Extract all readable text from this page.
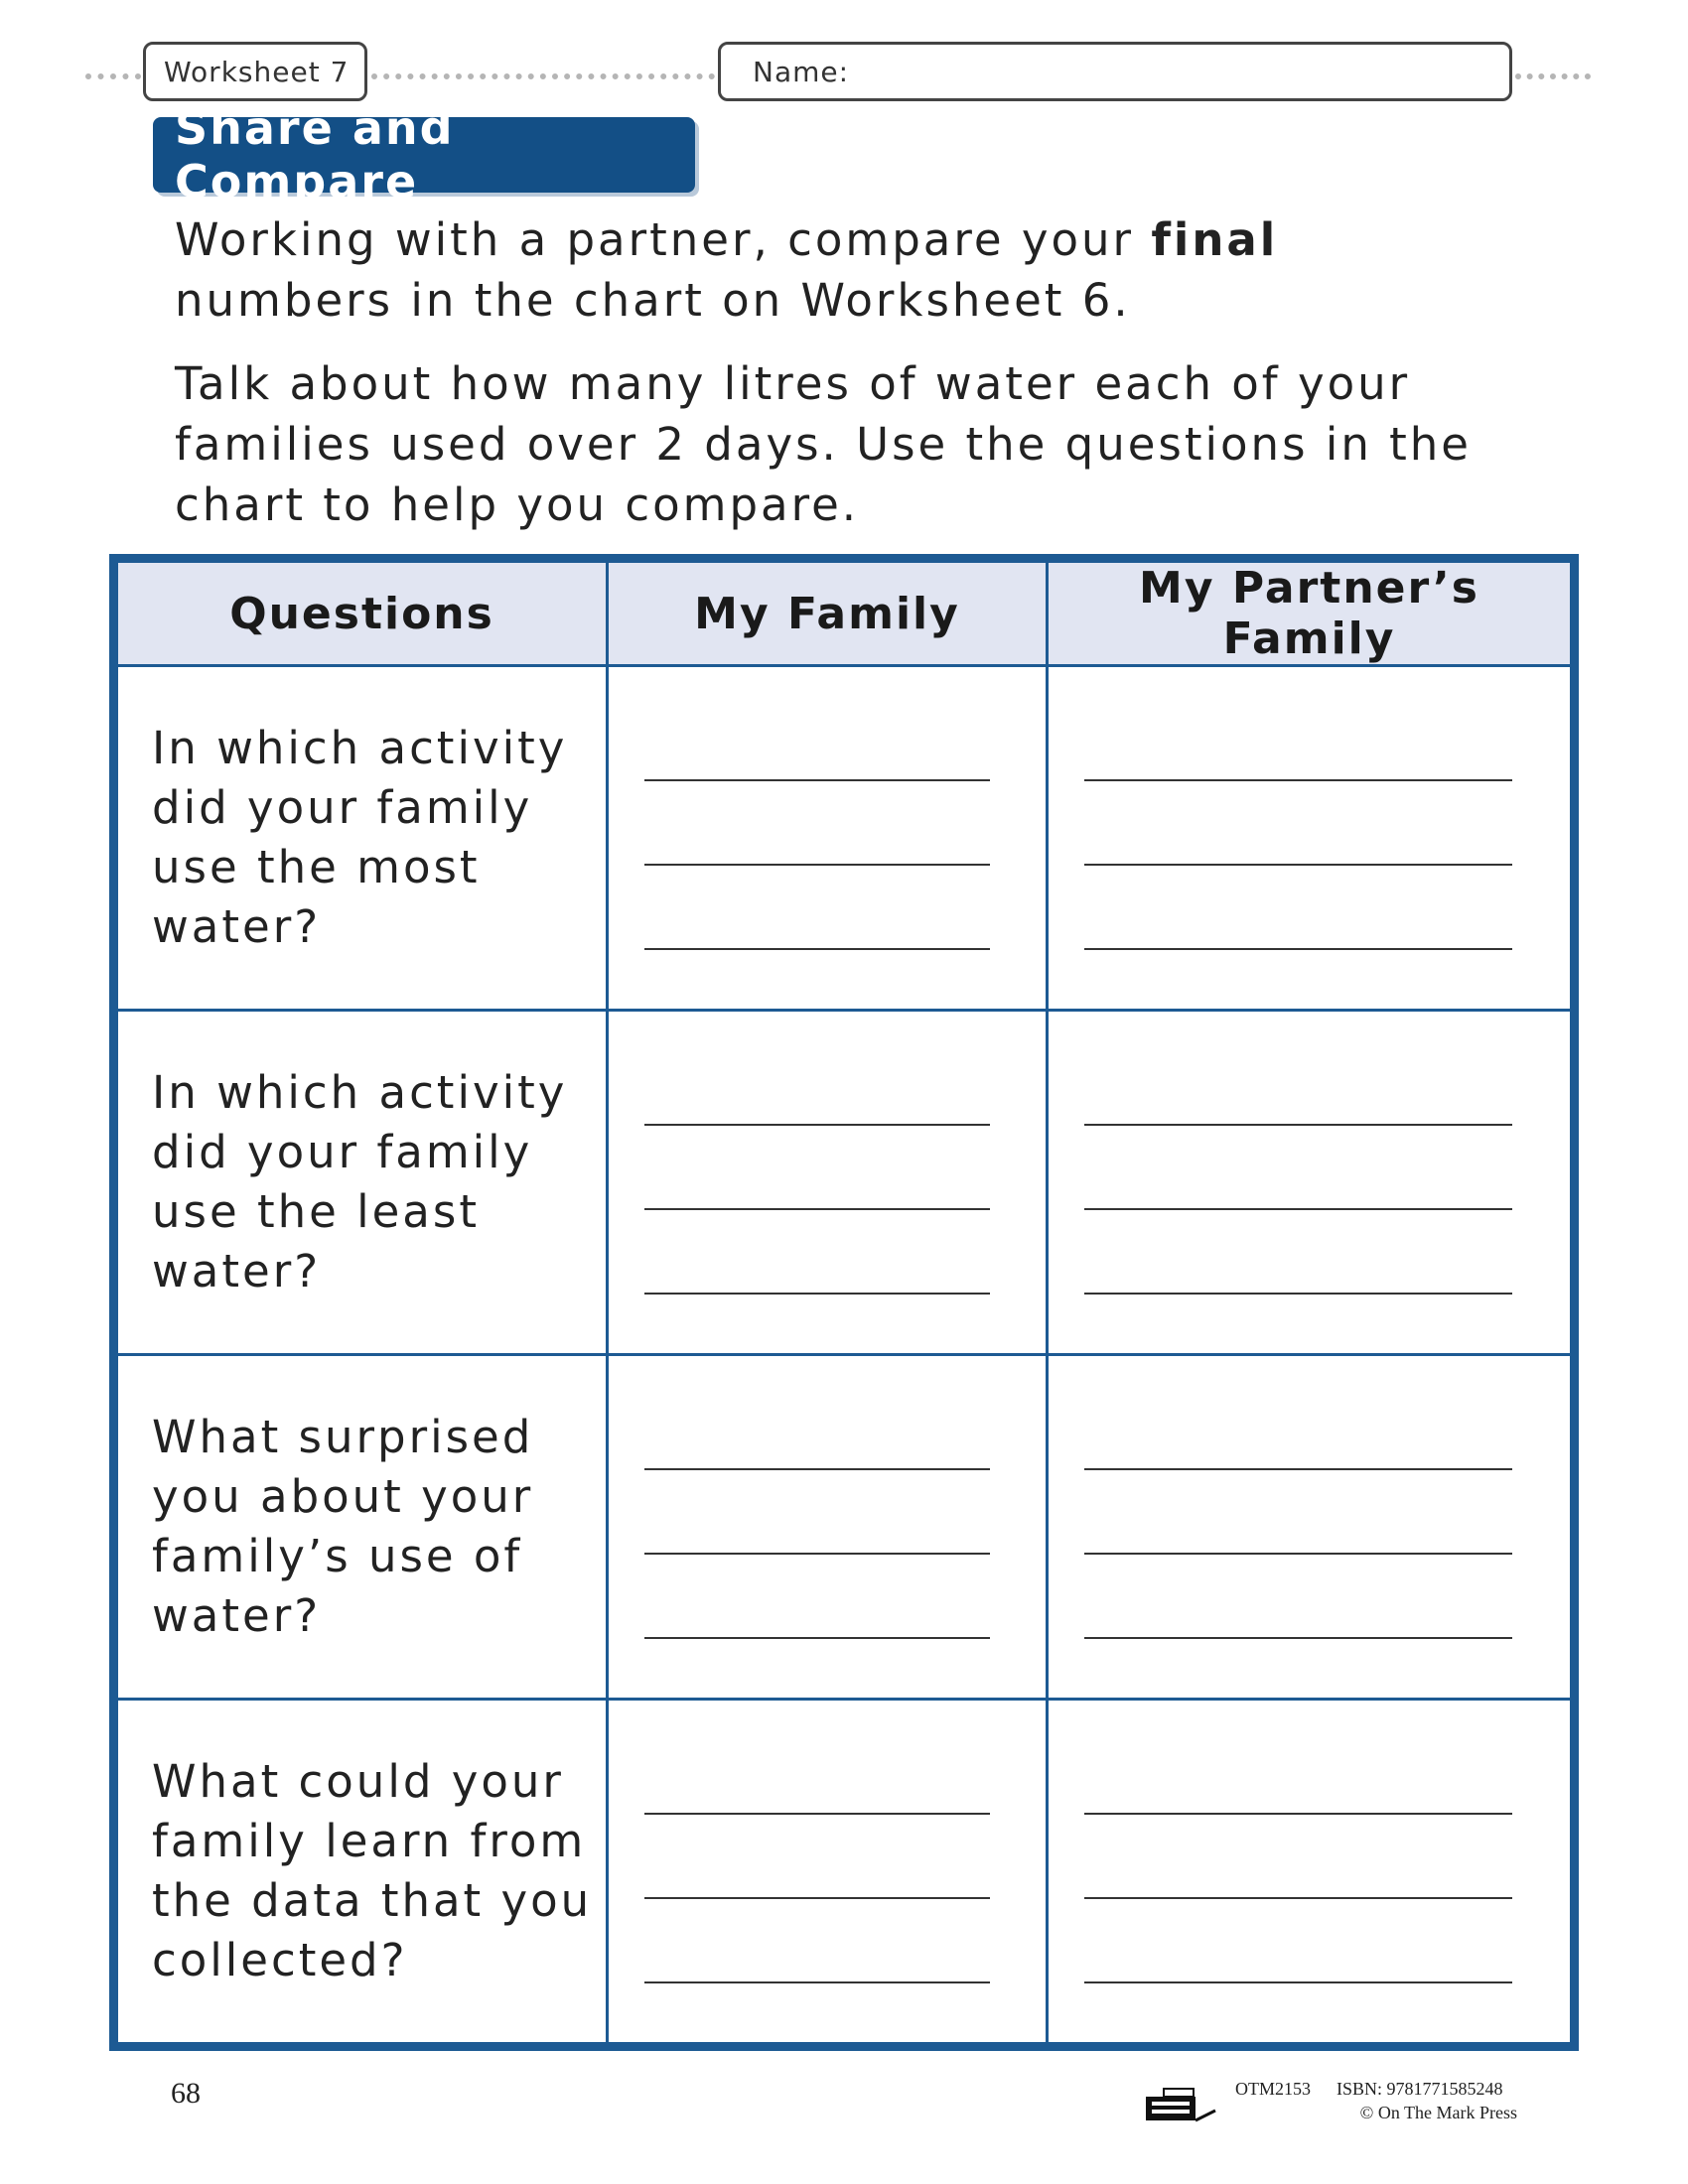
Worksheet 7	Name:
Share and Compare

Working with a partner, compare your final numbers in the chart on Worksheet 6.

Talk about how many litres of water each of your families used over 2 days. Use the questions in the chart to help you compare.

Questions	My Family	My Partner’s Family
In which activity did your family use the most water?	

In which activity did your family use the least water?	

What surprised you about your family’s use of water?	

What could your family learn from the data that you collected?	

68	OTM2153 ISBN: 9781771585248
© On The Mark Press
